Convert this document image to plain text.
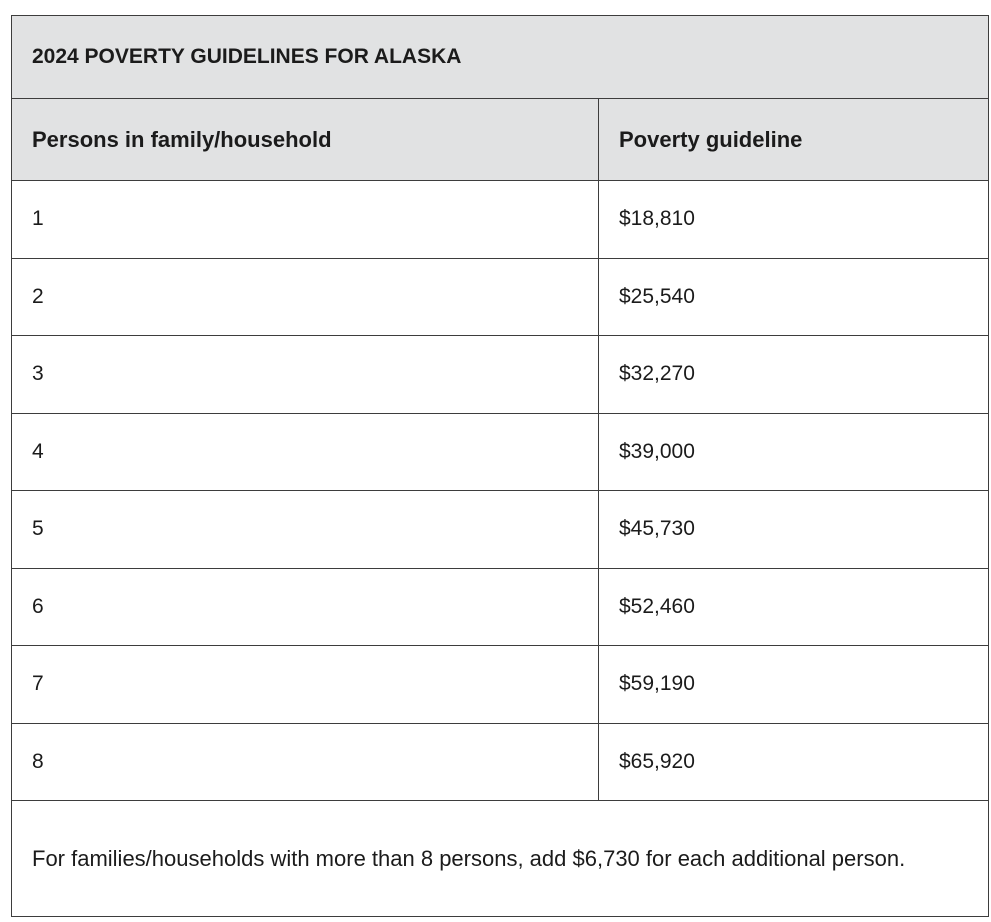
2024 POVERTY GUIDELINES FOR ALASKA	
Persons in family/household	Poverty guideline
1	$18,810
2	$25,540
3	$32,270
4	$39,000
5	$45,730
6	$52,460
7	$59,190
8	$65,920
For families/households with more than 8 persons, add $6,730 for each additional person.	
